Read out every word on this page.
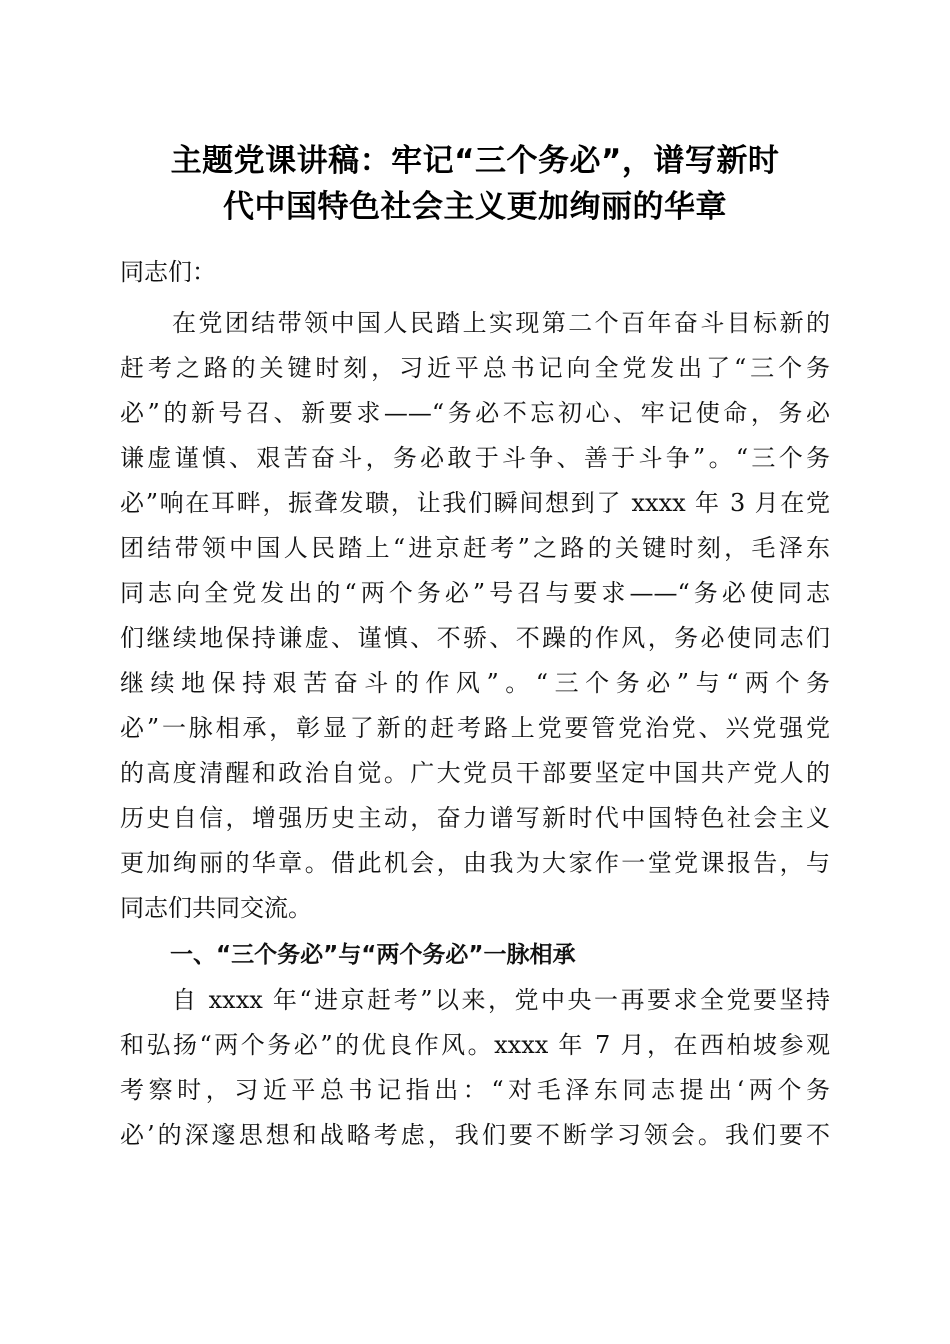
主题党课讲稿：牢记“三个务必”，谱写新时
代中国特色社会主义更加绚丽的华章
同志们：
在党团结带领中国人民踏上实现第二个百年奋斗目标新的
赶考之路的关键时刻，习近平总书记向全党发出了“三个务
必”的新号召、新要求——“务必不忘初心、牢记使命，务必
谦虚谨慎、艰苦奋斗，务必敢于斗争、善于斗争”。“三个务
必”响在耳畔，振聋发聩，让我们瞬间想到了 xxxx 年 3 月在党
团结带领中国人民踏上“进京赶考”之路的关键时刻，毛泽东
同志向全党发出的“两个务必”号召与要求——“务必使同志
们继续地保持谦虚、谨慎、不骄、不躁的作风，务必使同志们
继续地保持艰苦奋斗的作风”。“三个务必”与“两个务
必”一脉相承，彰显了新的赶考路上党要管党治党、兴党强党
的高度清醒和政治自觉。广大党员干部要坚定中国共产党人的
历史自信，增强历史主动，奋力谱写新时代中国特色社会主义
更加绚丽的华章。借此机会，由我为大家作一堂党课报告，与
同志们共同交流。
一、“三个务必”与“两个务必”一脉相承
自 xxxx 年“进京赶考”以来，党中央一再要求全党要坚持
和弘扬“两个务必”的优良作风。xxxx 年 7 月，在西柏坡参观
考察时，习近平总书记指出：“对毛泽东同志提出‘两个务
必’的深邃思想和战略考虑，我们要不断学习领会。我们要不
